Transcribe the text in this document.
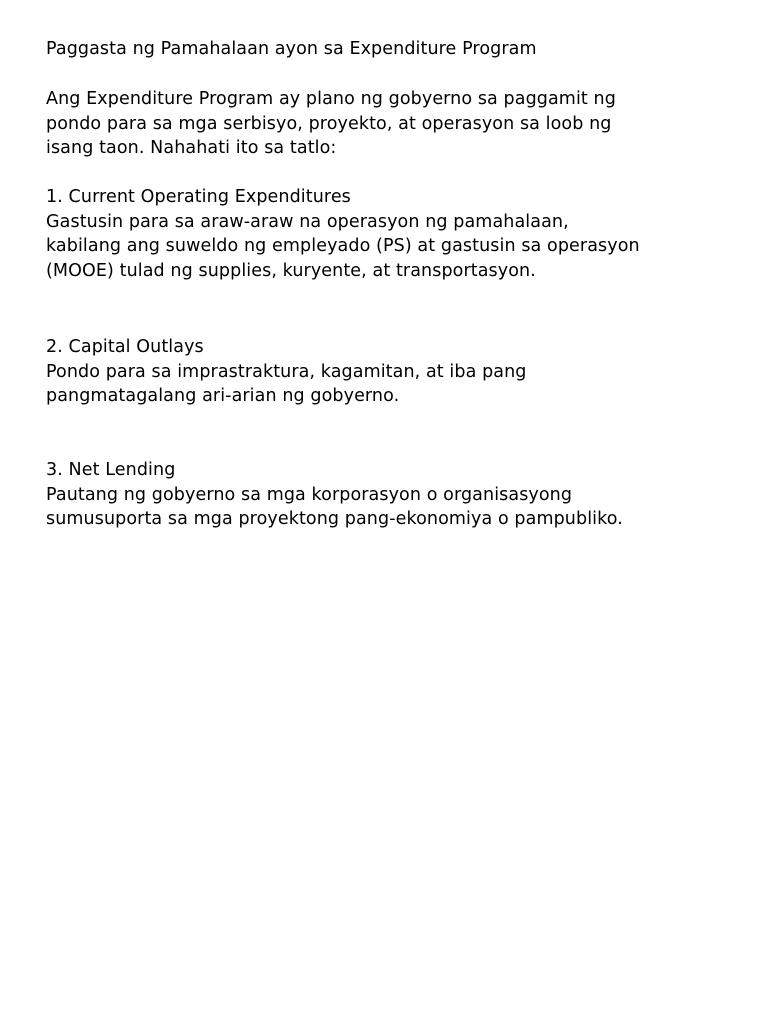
Paggasta ng Pamahalaan ayon sa Expenditure Program
Ang Expenditure Program ay plano ng gobyerno sa paggamit ng
pondo para sa mga serbisyo, proyekto, at operasyon sa loob ng
isang taon. Nahahati ito sa tatlo:
1. Current Operating Expenditures
Gastusin para sa araw-araw na operasyon ng pamahalaan,
kabilang ang suweldo ng empleyado (PS) at gastusin sa operasyon
(MOOE) tulad ng supplies, kuryente, at transportasyon.
2. Capital Outlays
Pondo para sa imprastraktura, kagamitan, at iba pang
pangmatagalang ari-arian ng gobyerno.
3. Net Lending
Pautang ng gobyerno sa mga korporasyon o organisasyong
sumusuporta sa mga proyektong pang-ekonomiya o pampubliko.
